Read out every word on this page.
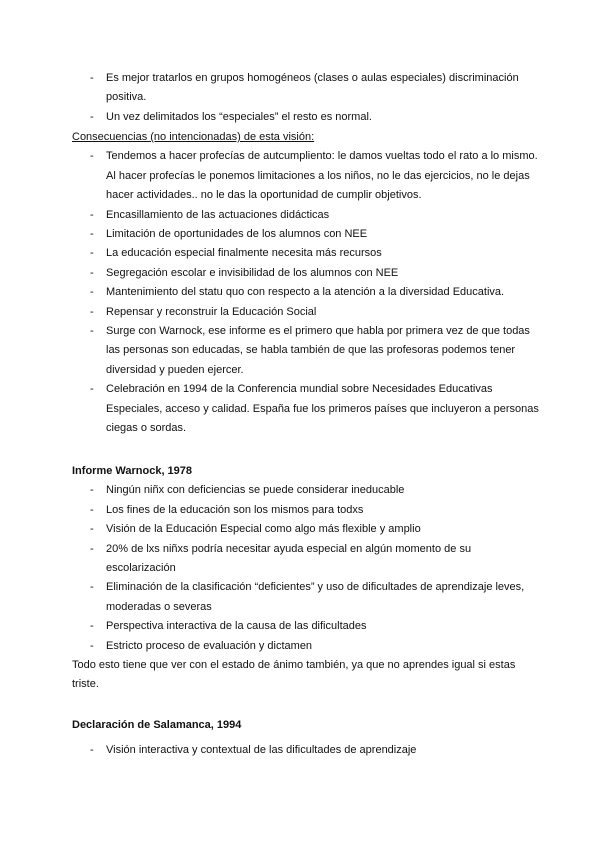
- Es mejor tratarlos en grupos homogéneos (clases o aulas especiales) discriminación positiva.
- Un vez delimitados los “especiales” el resto es normal.
Consecuencias (no intencionadas) de esta visión:
- Tendemos a hacer profecías de autcumpliento: le damos vueltas todo el rato a lo mismo. Al hacer profecías le ponemos limitaciones a los niños, no le das ejercicios, no le dejas hacer actividades.. no le das la oportunidad de cumplir objetivos.
- Encasillamiento de las actuaciones didácticas
- Limitación de oportunidades de los alumnos con NEE
- La educación especial finalmente necesita más recursos
- Segregación escolar e invisibilidad de los alumnos con NEE
- Mantenimiento del statu quo con respecto a la atención a la diversidad Educativa.
- Repensar y reconstruir la Educación Social
- Surge con Warnock, ese informe es el primero que habla por primera vez de que todas las personas son educadas, se habla también de que las profesoras podemos tener diversidad y pueden ejercer.
- Celebración en 1994 de la Conferencia mundial sobre Necesidades Educativas Especiales, acceso y calidad. España fue los primeros países que incluyeron a personas ciegas o sordas.
Informe Warnock, 1978
- Ningún niñx con deficiencias se puede considerar ineducable
- Los fines de la educación son los mismos para todxs
- Visión de la Educación Especial como algo más flexible y amplio
- 20% de lxs niñxs podría necesitar ayuda especial en algún momento de su escolarización
- Eliminación de la clasificación “deficientes” y uso de dificultades de aprendizaje leves, moderadas o severas
- Perspectiva interactiva de la causa de las dificultades
- Estricto proceso de evaluación y dictamen
Todo esto tiene que ver con el estado de ánimo también, ya que no aprendes igual si estas triste.
Declaración de Salamanca, 1994
- Visión interactiva y contextual de las dificultades de aprendizaje
